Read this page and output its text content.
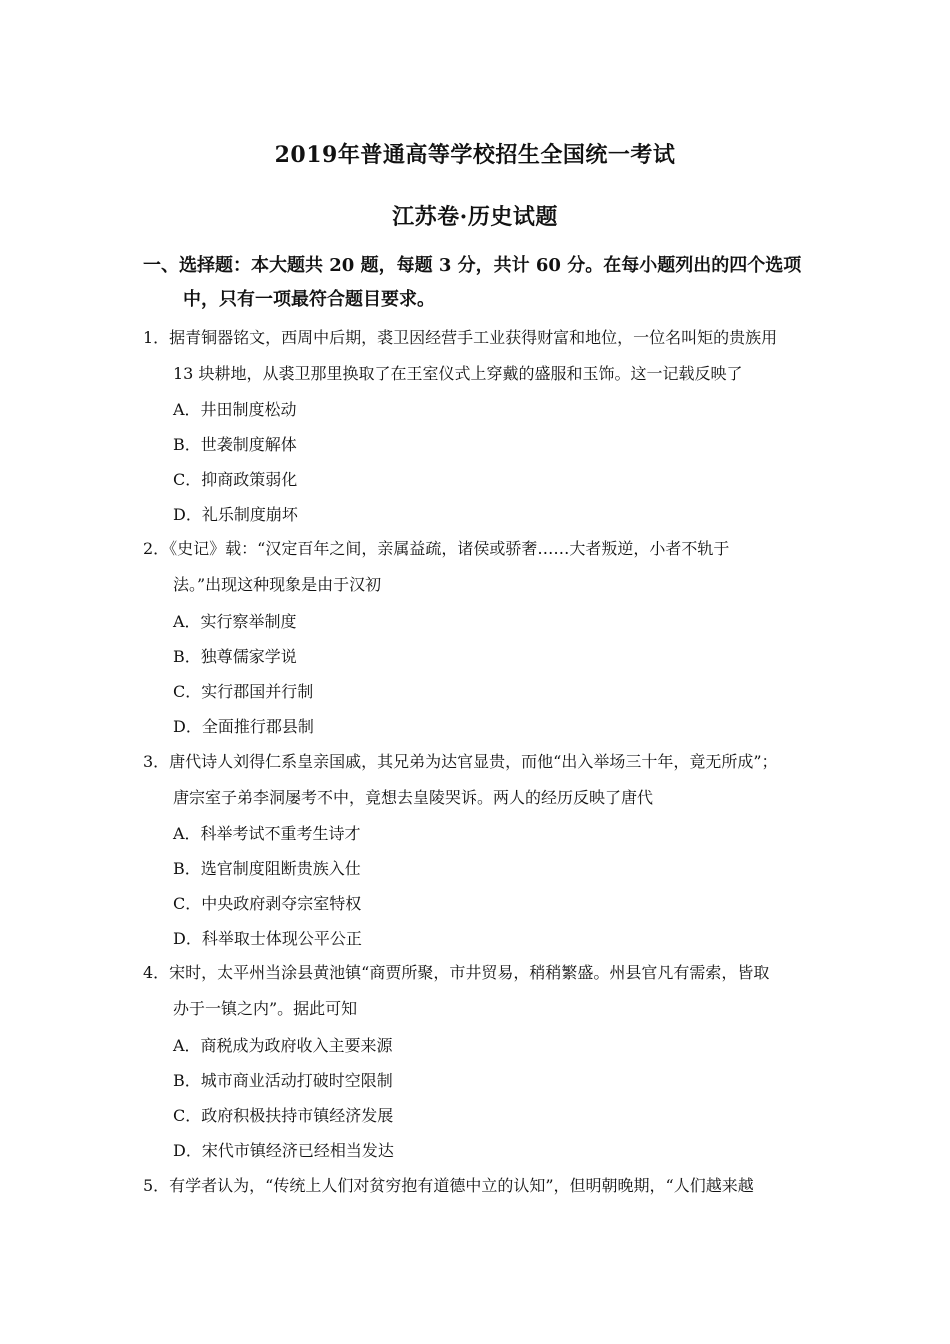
2019年普通高等学校招生全国统一考试
江苏卷·历史试题
一、选择题：本大题共 20 题，每题 3 分，共计 60 分。在每小题列出的四个选项
中，只有一项最符合题目要求。
1．据青铜器铭文，西周中后期，裘卫因经营手工业获得财富和地位，一位名叫矩的贵族用
13 块耕地，从裘卫那里换取了在王室仪式上穿戴的盛服和玉饰。这一记载反映了
A．井田制度松动
B．世袭制度解体
C．抑商政策弱化
D．礼乐制度崩坏
2．《史记》载：“汉定百年之间，亲属益疏，诸侯或骄奢……大者叛逆，小者不轨于
法。”出现这种现象是由于汉初
A．实行察举制度
B．独尊儒家学说
C．实行郡国并行制
D．全面推行郡县制
3．唐代诗人刘得仁系皇亲国戚，其兄弟为达官显贵，而他“出入举场三十年，竟无所成”；
唐宗室子弟李洞屡考不中，竟想去皇陵哭诉。两人的经历反映了唐代
A．科举考试不重考生诗才
B．选官制度阻断贵族入仕
C．中央政府剥夺宗室特权
D．科举取士体现公平公正
4．宋时，太平州当涂县黄池镇“商贾所聚，市井贸易，稍稍繁盛。州县官凡有需索，皆取
办于一镇之内”。据此可知
A．商税成为政府收入主要来源
B．城市商业活动打破时空限制
C．政府积极扶持市镇经济发展
D．宋代市镇经济已经相当发达
5．有学者认为，“传统上人们对贫穷抱有道德中立的认知”，但明朝晚期，“人们越来越
